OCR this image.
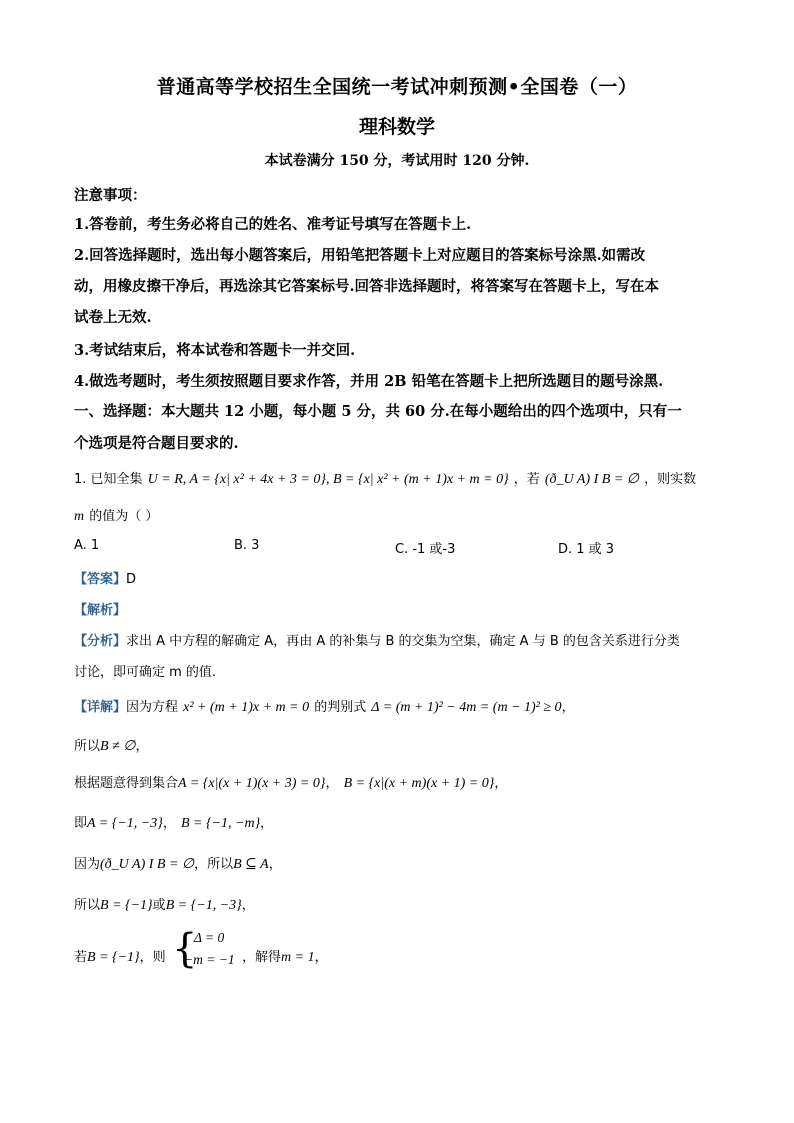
普通高等学校招生全国统一考试冲刺预测•全国卷（一）
理科数学
本试卷满分 150 分，考试用时 120 分钟.
注意事项：
1.答卷前，考生务必将自己的姓名、准考证号填写在答题卡上.
2.回答选择题时，选出每小题答案后，用铅笔把答题卡上对应题目的答案标号涂黑.如需改
动，用橡皮擦干净后，再选涂其它答案标号.回答非选择题时，将答案写在答题卡上，写在本
试卷上无效.
3.考试结束后，将本试卷和答题卡一并交回.
4.做选考题时，考生须按照题目要求作答，并用 2B 铅笔在答题卡上把所选题目的题号涂黑.
一、选择题：本大题共 12 小题，每小题 5 分，共 60 分.在每小题给出的四个选项中，只有一
个选项是符合题目要求的.
1. 已知全集 U = R, A = {x| x² + 4x + 3 = 0}, B = {x| x² + (m + 1)x + m = 0} ，若 (ð_U A) I B = ∅ ，则实数
m 的值为（ ）
A. 1	B. 3	C. -1 或-3	D. 1 或 3
【答案】D
【解析】
【分析】求出 A 中方程的解确定 A，再由 A 的补集与 B 的交集为空集，确定 A 与 B 的包含关系进行分类
讨论，即可确定 m 的值.
【详解】因为方程 x² + (m + 1)x + m = 0 的判别式 Δ = (m + 1)² − 4m = (m − 1)² ≥ 0，
所以B ≠ ∅，
根据题意得到集合A = {x|(x + 1)(x + 3) = 0}， B = {x|(x + m)(x + 1) = 0}，
即A = {−1, −3}， B = {−1, −m}，
因为(ð_U A) I B = ∅，所以B ⊆ A，
所以B = {−1}或B = {−1, −3}，
若B = {−1}，则 {
Δ = 0
−m = −1 ，解得m = 1，
